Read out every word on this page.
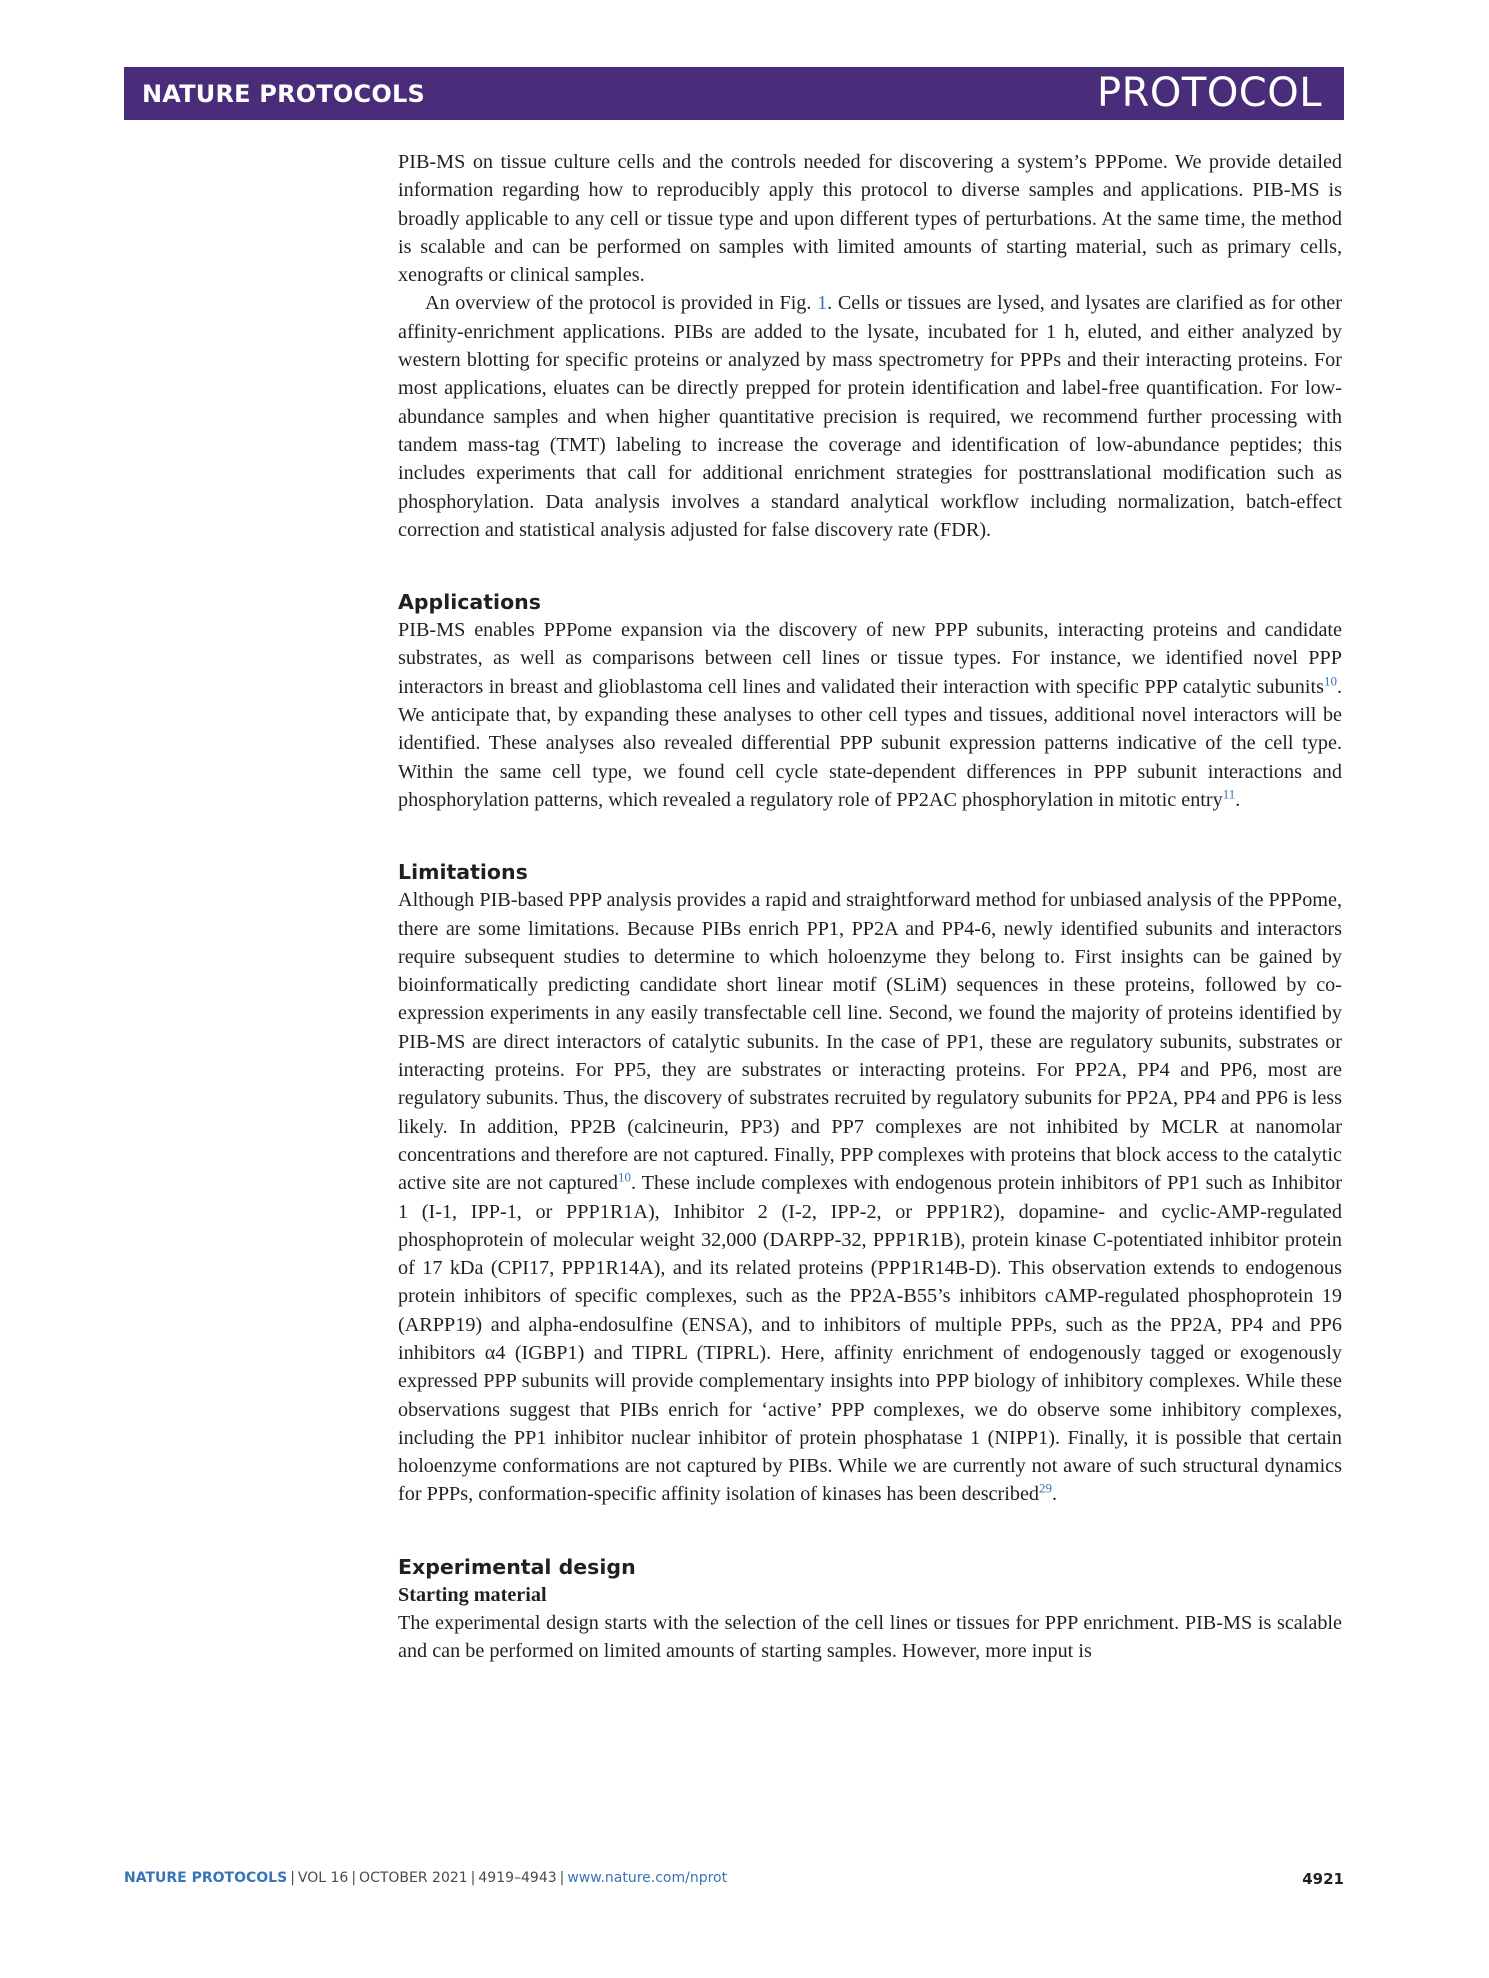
NATURE PROTOCOLS	PROTOCOL

PIB-MS on tissue culture cells and the controls needed for discovering a system’s PPPome. We provide detailed information regarding how to reproducibly apply this protocol to diverse samples and applications. PIB-MS is broadly applicable to any cell or tissue type and upon different types of perturbations. At the same time, the method is scalable and can be performed on samples with limited amounts of starting material, such as primary cells, xenografts or clinical samples.

An overview of the protocol is provided in Fig. 1. Cells or tissues are lysed, and lysates are clarified as for other affinity-enrichment applications. PIBs are added to the lysate, incubated for 1 h, eluted, and either analyzed by western blotting for specific proteins or analyzed by mass spectrometry for PPPs and their interacting proteins. For most applications, eluates can be directly prepped for protein identification and label-free quantification. For low-abundance samples and when higher quantitative precision is required, we recommend further processing with tandem mass-tag (TMT) labeling to increase the coverage and identification of low-abundance peptides; this includes experiments that call for additional enrichment strategies for posttranslational modification such as phosphorylation. Data analysis involves a standard analytical workflow including normalization, batch-effect correction and statistical analysis adjusted for false discovery rate (FDR).

Applications

PIB-MS enables PPPome expansion via the discovery of new PPP subunits, interacting proteins and candidate substrates, as well as comparisons between cell lines or tissue types. For instance, we identified novel PPP interactors in breast and glioblastoma cell lines and validated their interaction with specific PPP catalytic subunits$^{10}$. We anticipate that, by expanding these analyses to other cell types and tissues, additional novel interactors will be identified. These analyses also revealed differential PPP subunit expression patterns indicative of the cell type. Within the same cell type, we found cell cycle state-dependent differences in PPP subunit interactions and phosphorylation patterns, which revealed a regulatory role of PP2AC phosphorylation in mitotic entry$^{11}$.

Limitations

Although PIB-based PPP analysis provides a rapid and straightforward method for unbiased analysis of the PPPome, there are some limitations. Because PIBs enrich PP1, PP2A and PP4-6, newly identified subunits and interactors require subsequent studies to determine to which holoenzyme they belong to. First insights can be gained by bioinformatically predicting candidate short linear motif (SLiM) sequences in these proteins, followed by co-expression experiments in any easily transfectable cell line. Second, we found the majority of proteins identified by PIB-MS are direct interactors of catalytic subunits. In the case of PP1, these are regulatory subunits, substrates or interacting proteins. For PP5, they are substrates or interacting proteins. For PP2A, PP4 and PP6, most are regulatory subunits. Thus, the discovery of substrates recruited by regulatory subunits for PP2A, PP4 and PP6 is less likely. In addition, PP2B (calcineurin, PP3) and PP7 complexes are not inhibited by MCLR at nanomolar concentrations and therefore are not captured. Finally, PPP complexes with proteins that block access to the catalytic active site are not captured$^{10}$. These include complexes with endogenous protein inhibitors of PP1 such as Inhibitor 1 (I-1, IPP-1, or PPP1R1A), Inhibitor 2 (I-2, IPP-2, or PPP1R2), dopamine- and cyclic-AMP-regulated phosphoprotein of molecular weight 32,000 (DARPP-32, PPP1R1B), protein kinase C-potentiated inhibitor protein of 17 kDa (CPI17, PPP1R14A), and its related proteins (PPP1R14B-D). This observation extends to endogenous protein inhibitors of specific complexes, such as the PP2A-B55’s inhibitors cAMP-regulated phosphoprotein 19 (ARPP19) and alpha-endosulfine (ENSA), and to inhibitors of multiple PPPs, such as the PP2A, PP4 and PP6 inhibitors α4 (IGBP1) and TIPRL (TIPRL). Here, affinity enrichment of endogenously tagged or exogenously expressed PPP subunits will provide complementary insights into PPP biology of inhibitory complexes. While these observations suggest that PIBs enrich for ‘active’ PPP complexes, we do observe some inhibitory complexes, including the PP1 inhibitor nuclear inhibitor of protein phosphatase 1 (NIPP1). Finally, it is possible that certain holoenzyme conformations are not captured by PIBs. While we are currently not aware of such structural dynamics for PPPs, conformation-specific affinity isolation of kinases has been described$^{29}$.

Experimental design
Starting material

The experimental design starts with the selection of the cell lines or tissues for PPP enrichment. PIB-MS is scalable and can be performed on limited amounts of starting samples. However, more input is

NATURE PROTOCOLS | VOL 16 | OCTOBER 2021 | 4919–4943 | www.nature.com/nprot	4921
